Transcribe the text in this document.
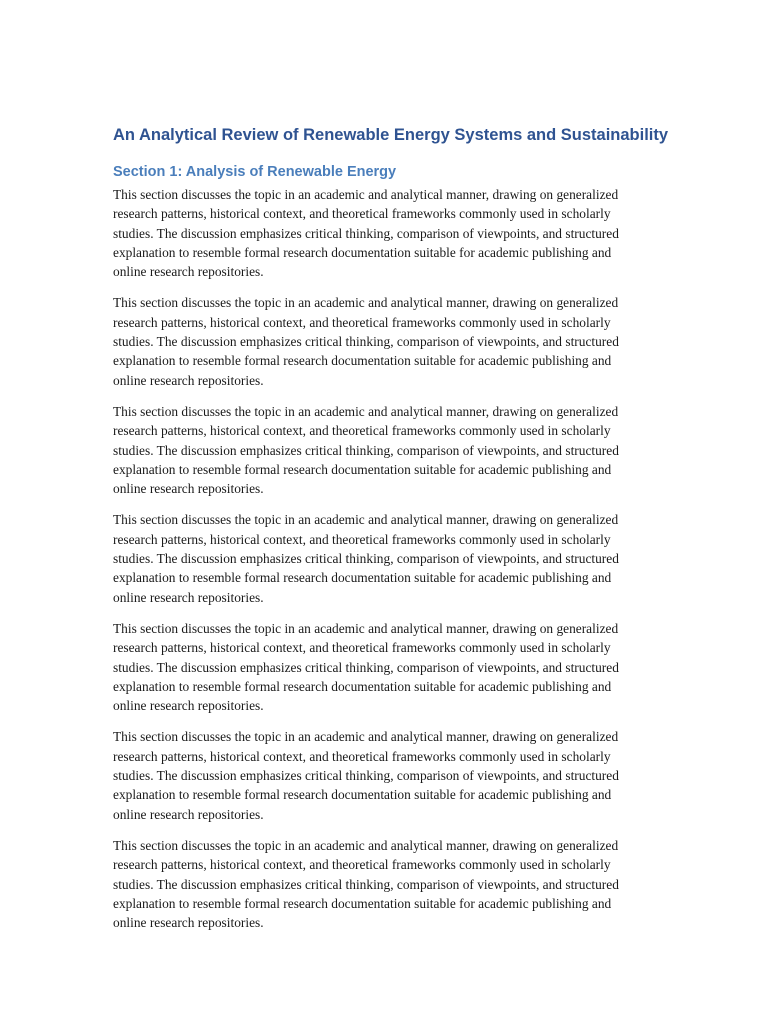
An Analytical Review of Renewable Energy Systems and Sustainability
Section 1: Analysis of Renewable Energy

This section discusses the topic in an academic and analytical manner, drawing on generalized research patterns, historical context, and theoretical frameworks commonly used in scholarly studies. The discussion emphasizes critical thinking, comparison of viewpoints, and structured explanation to resemble formal research documentation suitable for academic publishing and online research repositories.

This section discusses the topic in an academic and analytical manner, drawing on generalized research patterns, historical context, and theoretical frameworks commonly used in scholarly studies. The discussion emphasizes critical thinking, comparison of viewpoints, and structured explanation to resemble formal research documentation suitable for academic publishing and online research repositories.

This section discusses the topic in an academic and analytical manner, drawing on generalized research patterns, historical context, and theoretical frameworks commonly used in scholarly studies. The discussion emphasizes critical thinking, comparison of viewpoints, and structured explanation to resemble formal research documentation suitable for academic publishing and online research repositories.

This section discusses the topic in an academic and analytical manner, drawing on generalized research patterns, historical context, and theoretical frameworks commonly used in scholarly studies. The discussion emphasizes critical thinking, comparison of viewpoints, and structured explanation to resemble formal research documentation suitable for academic publishing and online research repositories.

This section discusses the topic in an academic and analytical manner, drawing on generalized research patterns, historical context, and theoretical frameworks commonly used in scholarly studies. The discussion emphasizes critical thinking, comparison of viewpoints, and structured explanation to resemble formal research documentation suitable for academic publishing and online research repositories.

This section discusses the topic in an academic and analytical manner, drawing on generalized research patterns, historical context, and theoretical frameworks commonly used in scholarly studies. The discussion emphasizes critical thinking, comparison of viewpoints, and structured explanation to resemble formal research documentation suitable for academic publishing and online research repositories.

This section discusses the topic in an academic and analytical manner, drawing on generalized research patterns, historical context, and theoretical frameworks commonly used in scholarly studies. The discussion emphasizes critical thinking, comparison of viewpoints, and structured explanation to resemble formal research documentation suitable for academic publishing and online research repositories.
